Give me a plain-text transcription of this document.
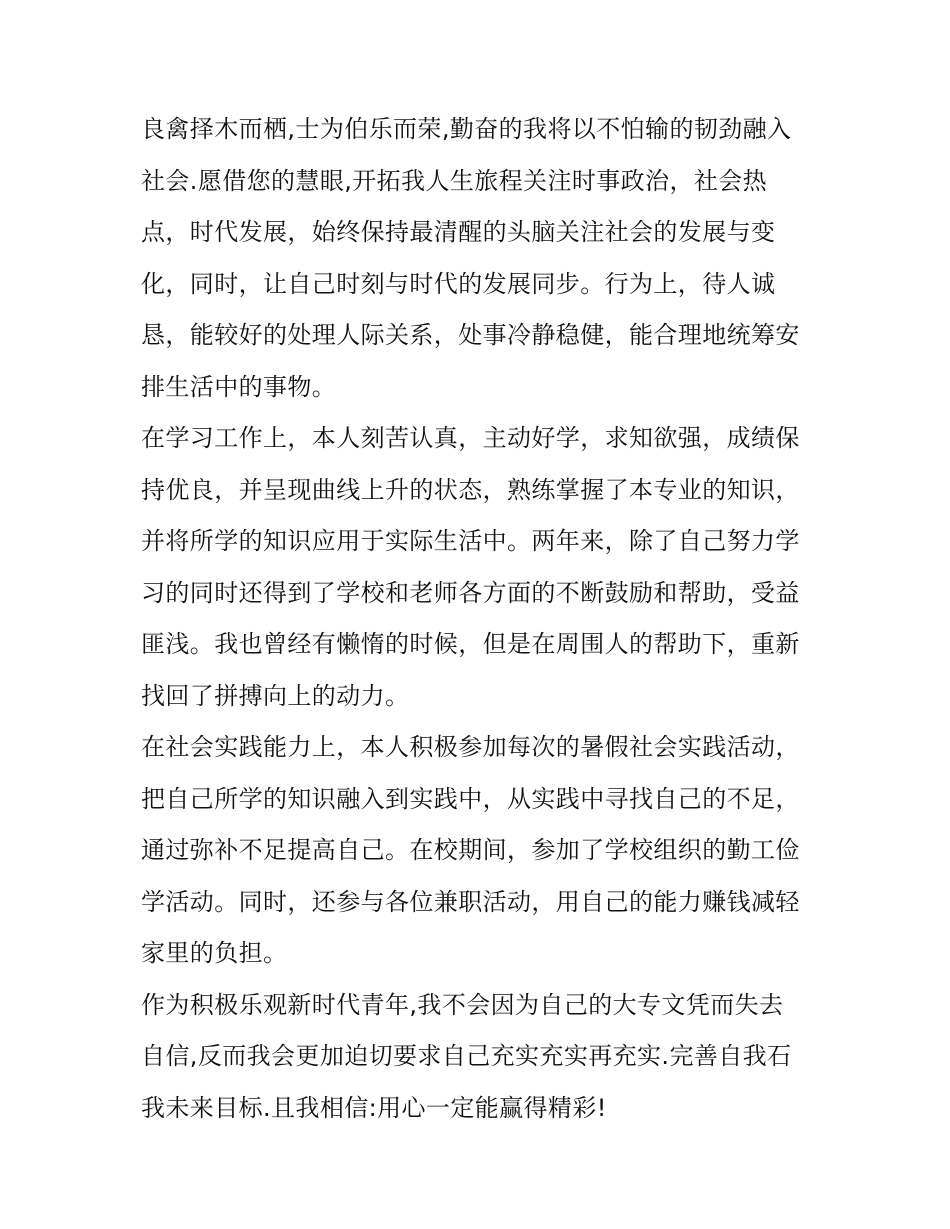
良禽择木而栖,士为伯乐而荣,勤奋的我将以不怕输的韧劲融入
社会.愿借您的慧眼,开拓我人生旅程关注时事政治，社会热
点，时代发展，始终保持最清醒的头脑关注社会的发展与变
化，同时，让自己时刻与时代的发展同步。行为上，待人诚
恳，能较好的处理人际关系，处事冷静稳健，能合理地统筹安
排生活中的事物。
在学习工作上，本人刻苦认真，主动好学，求知欲强，成绩保
持优良，并呈现曲线上升的状态，熟练掌握了本专业的知识，
并将所学的知识应用于实际生活中。两年来，除了自己努力学
习的同时还得到了学校和老师各方面的不断鼓励和帮助，受益
匪浅。我也曾经有懒惰的时候，但是在周围人的帮助下，重新
找回了拼搏向上的动力。
在社会实践能力上，本人积极参加每次的暑假社会实践活动，
把自己所学的知识融入到实践中，从实践中寻找自己的不足，
通过弥补不足提高自己。在校期间，参加了学校组织的勤工俭
学活动。同时，还参与各位兼职活动，用自己的能力赚钱减轻
家里的负担。
作为积极乐观新时代青年,我不会因为自己的大专文凭而失去
自信,反而我会更加迫切要求自己充实充实再充实.完善自我石
我未来目标.且我相信:用心一定能赢得精彩!
